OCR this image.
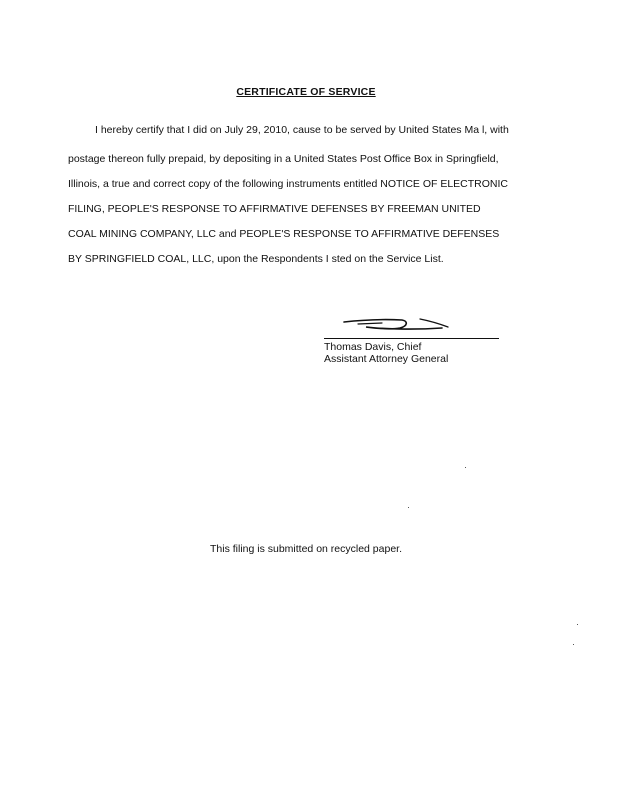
CERTIFICATE OF SERVICE
I hereby certify that I did on July 29, 2010, cause to be served by United States Ma l, with
postage thereon fully prepaid, by depositing in a United States Post Office Box in Springfield,
Illinois, a true and correct copy of the following instruments entitled NOTICE OF ELECTRONIC
FILING, PEOPLE'S RESPONSE TO AFFIRMATIVE DEFENSES BY FREEMAN UNITED
COAL MINING COMPANY, LLC and PEOPLE'S RESPONSE TO AFFIRMATIVE DEFENSES
BY SPRINGFIELD COAL, LLC, upon the Respondents I sted on the Service List.
Thomas Davis, Chief
Assistant Attorney General
This filing is submitted on recycled paper.
